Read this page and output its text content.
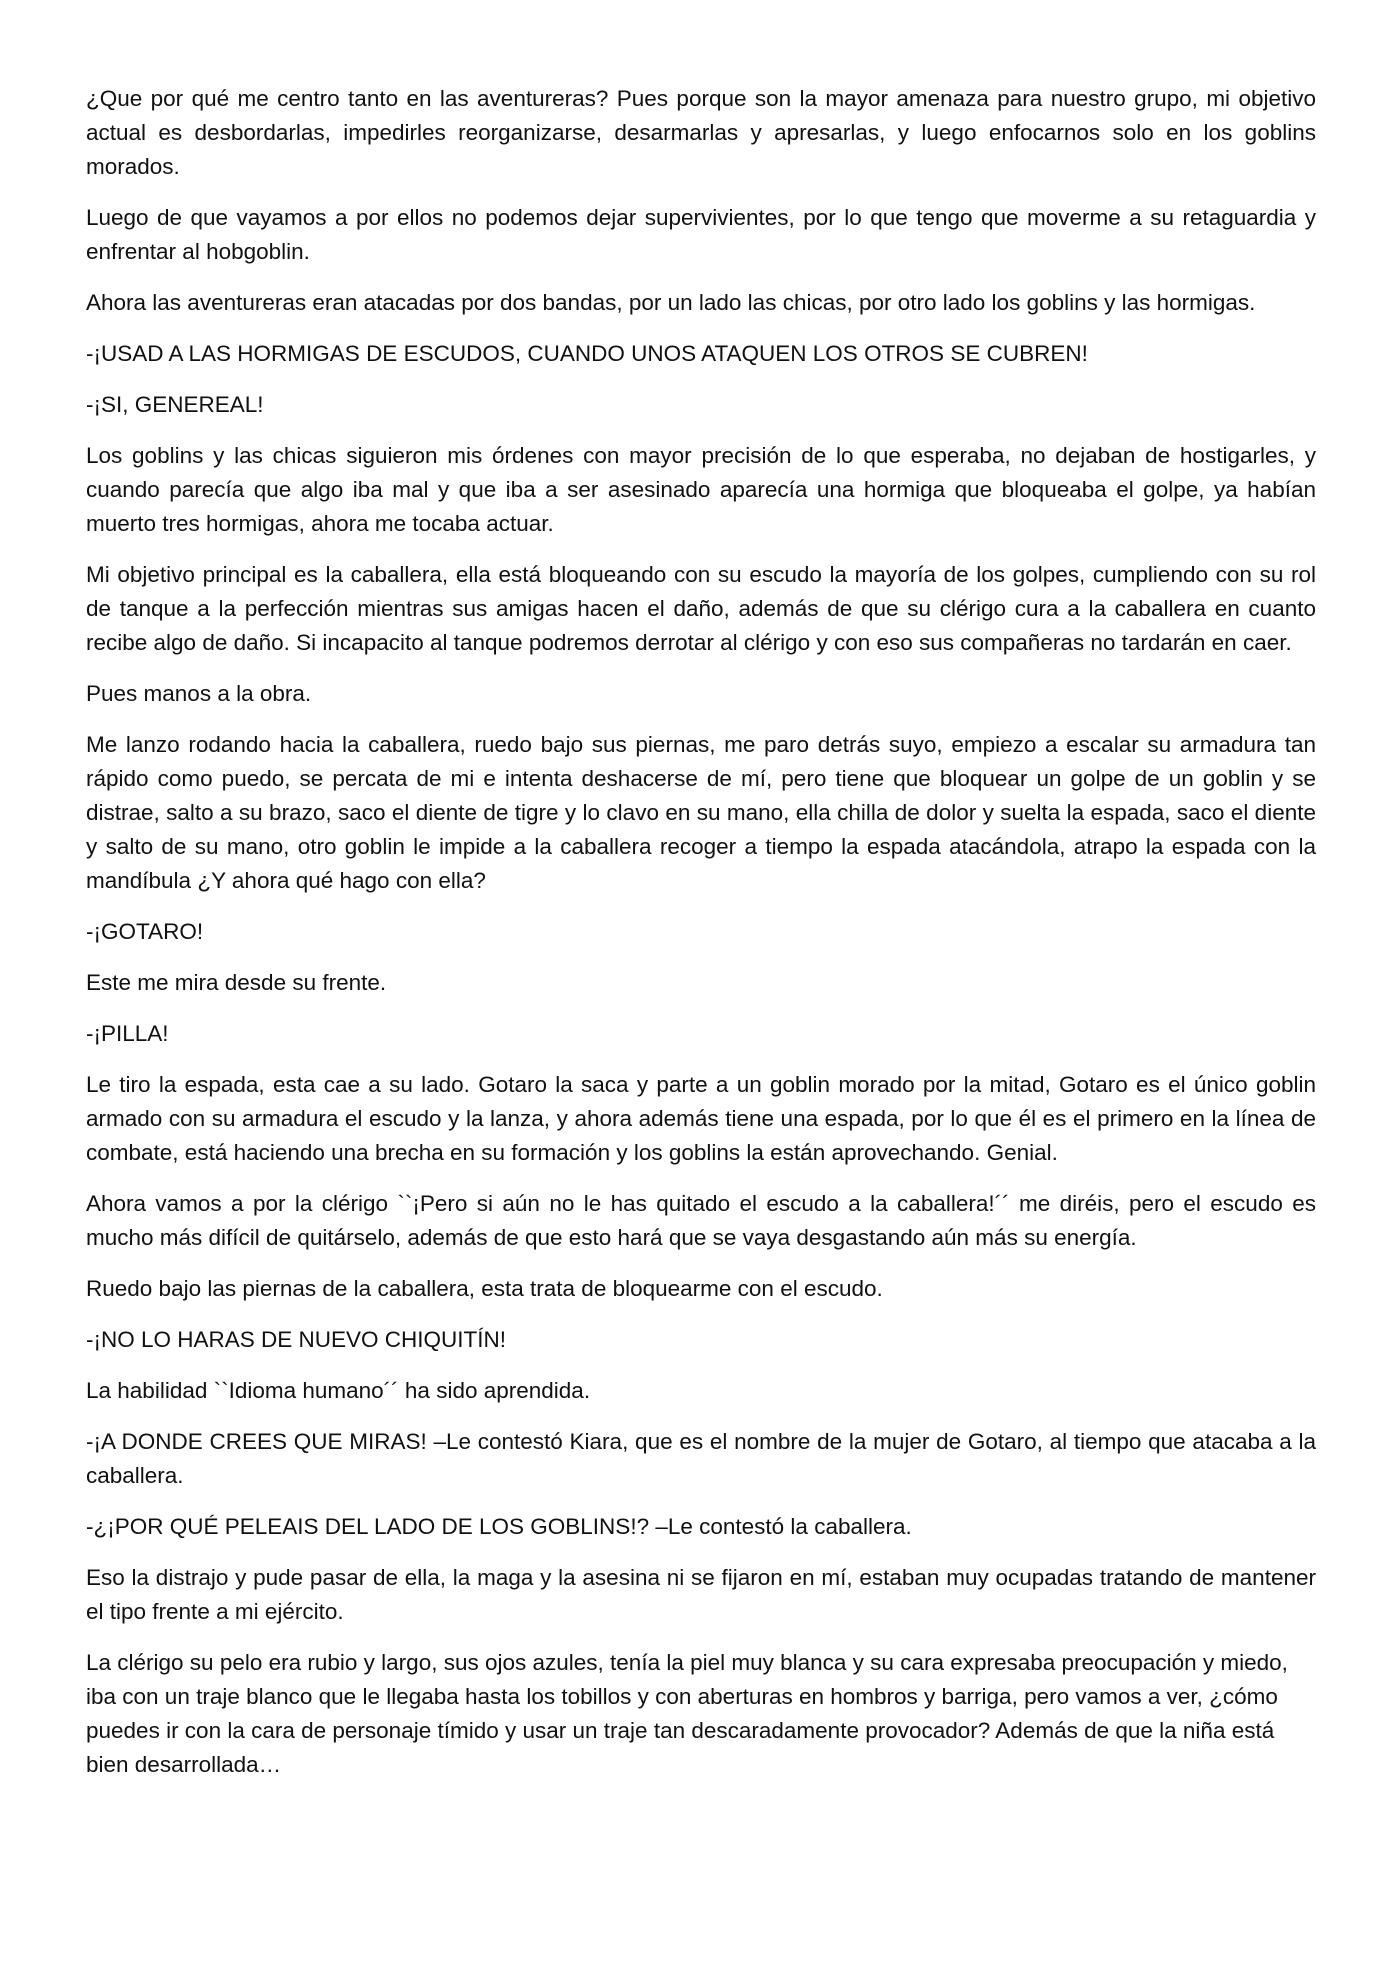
¿Que por qué me centro tanto en las aventureras? Pues porque son la mayor amenaza para nuestro grupo, mi objetivo actual es desbordarlas, impedirles reorganizarse, desarmarlas y apresarlas, y luego enfocarnos solo en los goblins morados.

Luego de que vayamos a por ellos no podemos dejar supervivientes, por lo que tengo que moverme a su retaguardia y enfrentar al hobgoblin.

Ahora las aventureras eran atacadas por dos bandas, por un lado las chicas, por otro lado los goblins y las hormigas.

-¡USAD A LAS HORMIGAS DE ESCUDOS, CUANDO UNOS ATAQUEN LOS OTROS SE CUBREN!

-¡SI, GENEREAL!

Los goblins y las chicas siguieron mis órdenes con mayor precisión de lo que esperaba, no dejaban de hostigarles, y cuando parecía que algo iba mal y que iba a ser asesinado aparecía una hormiga que bloqueaba el golpe, ya habían muerto tres hormigas, ahora me tocaba actuar.

Mi objetivo principal es la caballera, ella está bloqueando con su escudo la mayoría de los golpes, cumpliendo con su rol de tanque a la perfección mientras sus amigas hacen el daño, además de que su clérigo cura a la caballera en cuanto recibe algo de daño. Si incapacito al tanque podremos derrotar al clérigo y con eso sus compañeras no tardarán en caer.

Pues manos a la obra.

Me lanzo rodando hacia la caballera, ruedo bajo sus piernas, me paro detrás suyo, empiezo a escalar su armadura tan rápido como puedo, se percata de mi e intenta deshacerse de mí, pero tiene que bloquear un golpe de un goblin y se distrae, salto a su brazo, saco el diente de tigre y lo clavo en su mano, ella chilla de dolor y suelta la espada, saco el diente y salto de su mano, otro goblin le impide a la caballera recoger a tiempo la espada atacándola, atrapo la espada con la mandíbula ¿Y ahora qué hago con ella?

-¡GOTARO!

Este me mira desde su frente.

-¡PILLA!

Le tiro la espada, esta cae a su lado. Gotaro la saca y parte a un goblin morado por la mitad, Gotaro es el único goblin armado con su armadura el escudo y la lanza, y ahora además tiene una espada, por lo que él es el primero en la línea de combate, está haciendo una brecha en su formación y los goblins la están aprovechando. Genial.

Ahora vamos a por la clérigo ``¡Pero si aún no le has quitado el escudo a la caballera!´´ me diréis, pero el escudo es mucho más difícil de quitárselo, además de que esto hará que se vaya desgastando aún más su energía.

Ruedo bajo las piernas de la caballera, esta trata de bloquearme con el escudo.

-¡NO LO HARAS DE NUEVO CHIQUITÍN!

La habilidad ``Idioma humano´´ ha sido aprendida.

-¡A DONDE CREES QUE MIRAS! –Le contestó Kiara, que es el nombre de la mujer de Gotaro, al tiempo que atacaba a la caballera.

-¿¡POR QUÉ PELEAIS DEL LADO DE LOS GOBLINS!? –Le contestó la caballera.

Eso la distrajo y pude pasar de ella, la maga y la asesina ni se fijaron en mí, estaban muy ocupadas tratando de mantener el tipo frente a mi ejército.

La clérigo su pelo era rubio y largo, sus ojos azules, tenía la piel muy blanca y su cara expresaba preocupación y miedo, iba con un traje blanco que le llegaba hasta los tobillos y con aberturas en hombros y barriga, pero vamos a ver, ¿cómo puedes ir con la cara de personaje tímido y usar un traje tan descaradamente provocador? Además de que la niña está bien desarrollada…
